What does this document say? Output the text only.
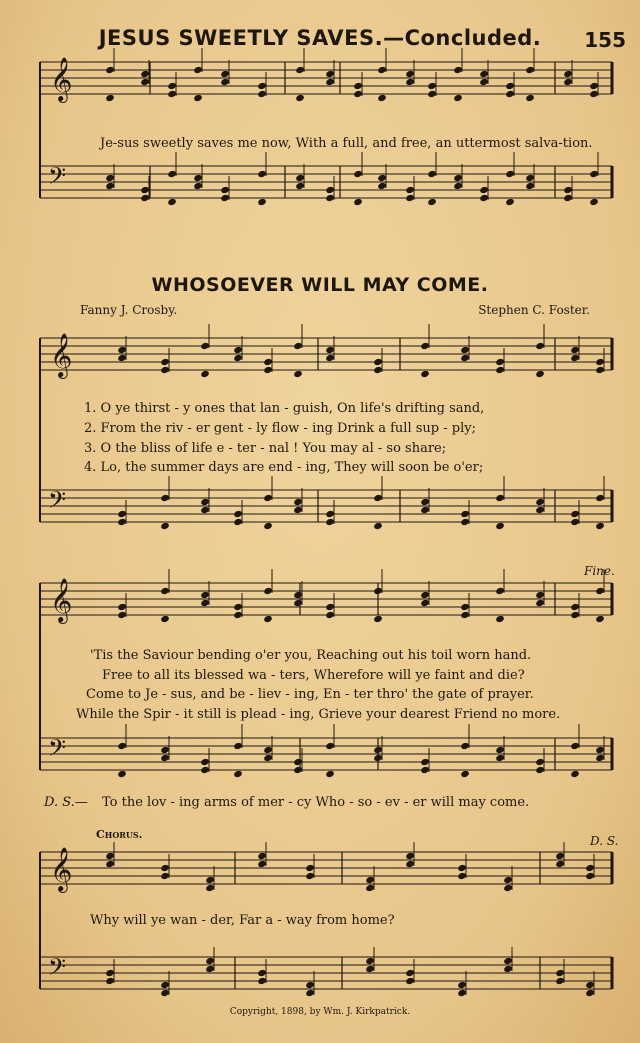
JESUS SWEETLY SAVES.—Concluded.	155
𝄞
𝄢
𝄞
𝄢
𝄞
𝄢
𝄞
𝄢
Je-sus sweetly saves me now, With a full, and free, an uttermost salva-tion.
WHOSOEVER WILL MAY COME.
Fanny J. Crosby.	Stephen C. Foster.
1. O ye thirst - y ones that lan - guish, On life's drifting sand,
2. From the riv - er gent - ly flow - ing Drink a full sup - ply;
3. O the bliss of life e - ter - nal ! You may al - so share;
4. Lo, the summer days are end - ing, They will soon be o'er;
Fine.
'Tis the Saviour bending o'er you, Reaching out his toil worn hand.
Free to all its blessed wa - ters, Wherefore will ye faint and die?
Come to Je - sus, and be - liev - ing, En - ter thro' the gate of prayer.
While the Spir - it still is plead - ing, Grieve your dearest Friend no more.
D. S.— To the lov - ing arms of mer - cy Who - so - ev - er will may come.
Chorus.	D. S.
Why will ye wan - der, Far a - way from home?
Copyright, 1898, by Wm. J. Kirkpatrick.
